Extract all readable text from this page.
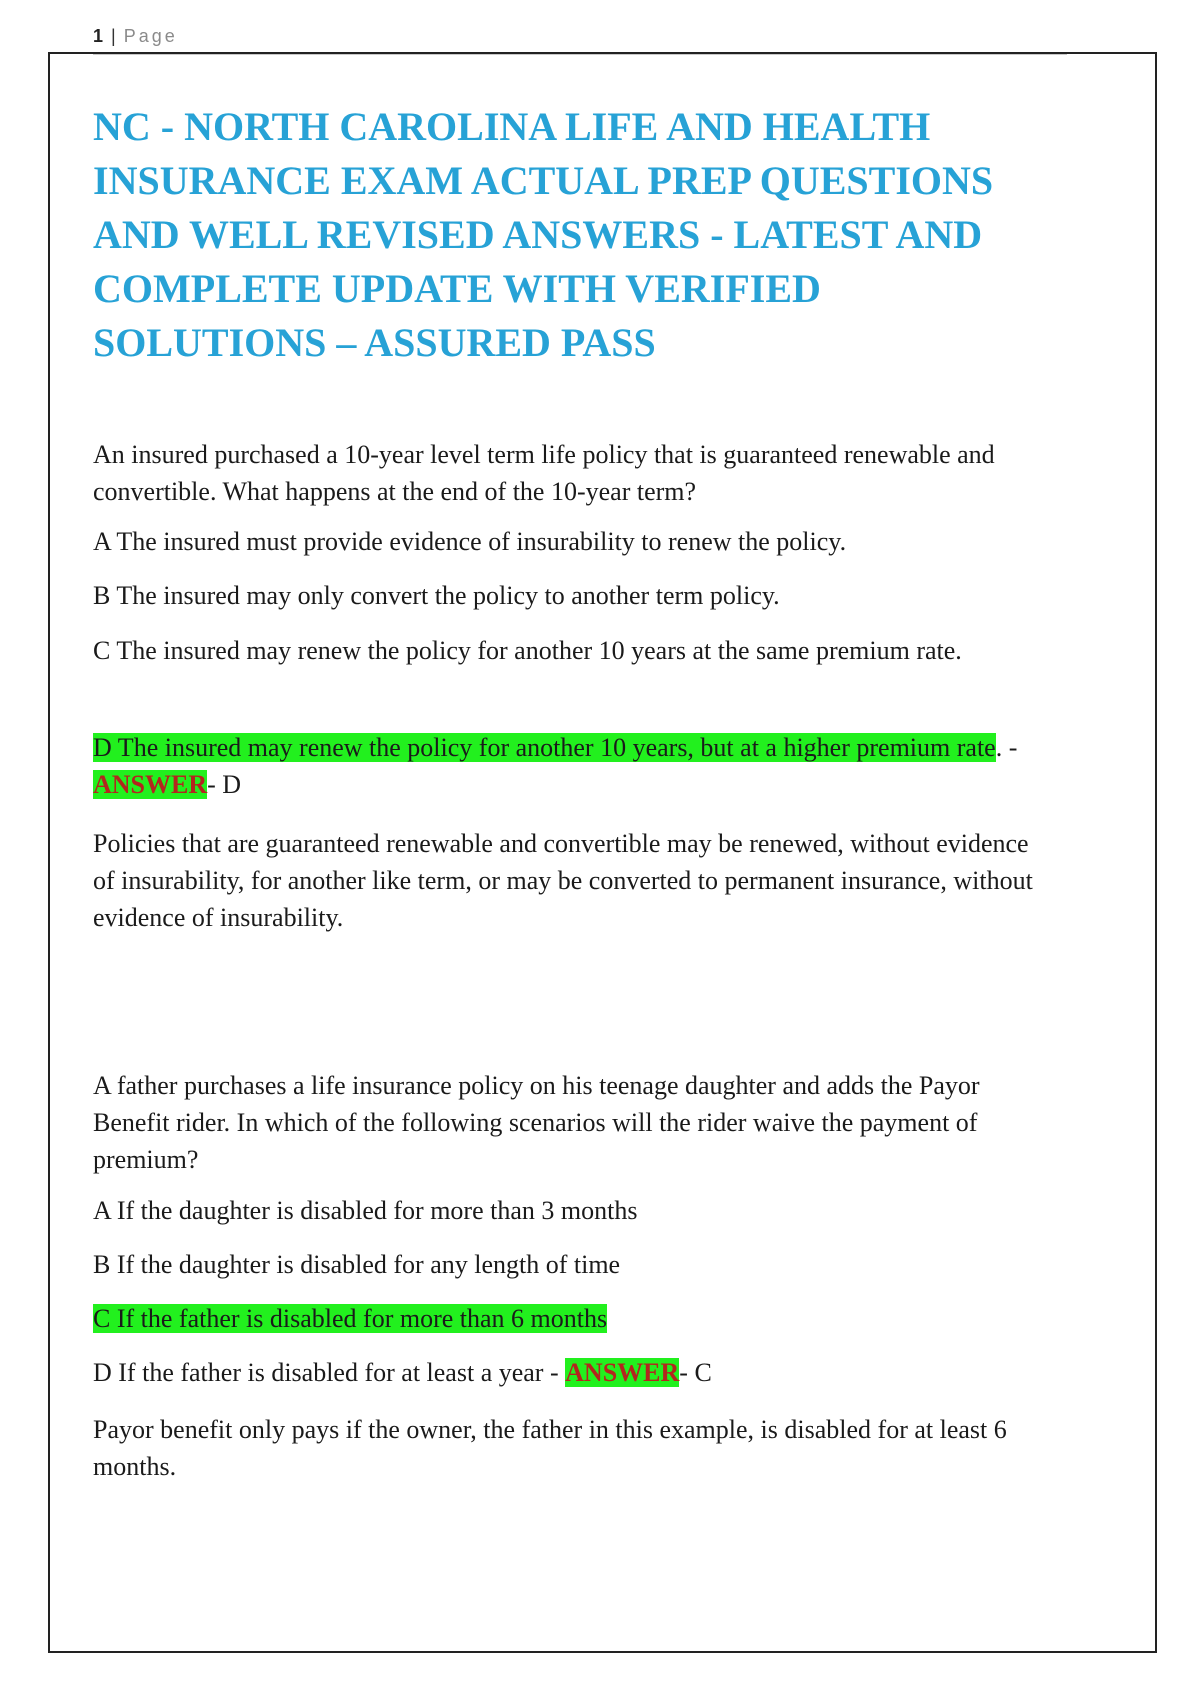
1 | Page
NC - NORTH CAROLINA LIFE AND HEALTH INSURANCE EXAM ACTUAL PREP QUESTIONS AND WELL REVISED ANSWERS - LATEST AND COMPLETE UPDATE WITH VERIFIED SOLUTIONS – ASSURED PASS

An insured purchased a 10-year level term life policy that is guaranteed renewable and convertible. What happens at the end of the 10-year term?

A The insured must provide evidence of insurability to renew the policy.

B The insured may only convert the policy to another term policy.

C The insured may renew the policy for another 10 years at the same premium rate.

D The insured may renew the policy for another 10 years, but at a higher premium rate. - ANSWER- D

Policies that are guaranteed renewable and convertible may be renewed, without evidence of insurability, for another like term, or may be converted to permanent insurance, without evidence of insurability.

A father purchases a life insurance policy on his teenage daughter and adds the Payor Benefit rider. In which of the following scenarios will the rider waive the payment of premium?

A If the daughter is disabled for more than 3 months

B If the daughter is disabled for any length of time

C If the father is disabled for more than 6 months

D If the father is disabled for at least a year - ANSWER- C

Payor benefit only pays if the owner, the father in this example, is disabled for at least 6 months.
